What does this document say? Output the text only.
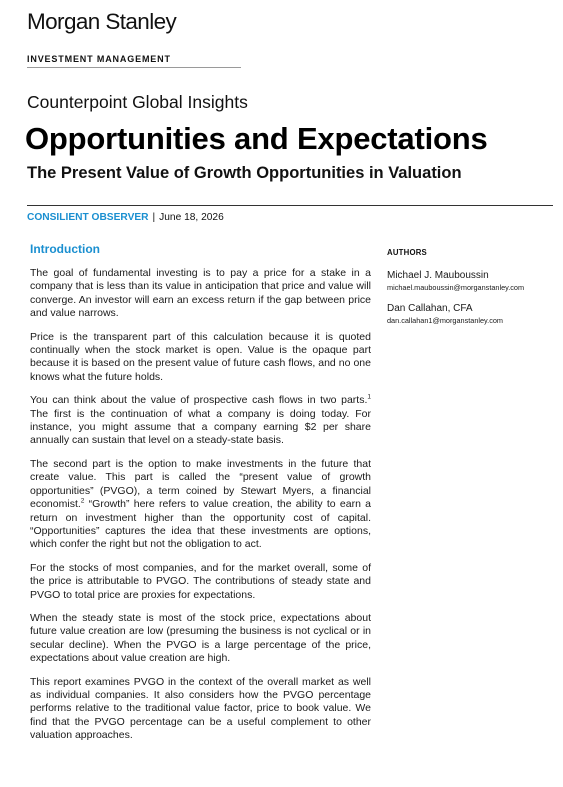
Morgan Stanley
INVESTMENT MANAGEMENT
Counterpoint Global Insights
Opportunities and Expectations
The Present Value of Growth Opportunities in Valuation
CONSILIENT OBSERVER | June 18, 2026
Introduction

The goal of fundamental investing is to pay a price for a stake in a company that is less than its value in anticipation that price and value will converge. An investor will earn an excess return if the gap between price and value narrows.

Price is the transparent part of this calculation because it is quoted continually when the stock market is open. Value is the opaque part because it is based on the present value of future cash flows, and no one knows what the future holds.

You can think about the value of prospective cash flows in two parts.$^1$ The first is the continuation of what a company is doing today. For instance, you might assume that a company earning $2 per share annually can sustain that level on a steady-state basis.

The second part is the option to make investments in the future that create value. This part is called the “present value of growth opportunities” (PVGO), a term coined by Stewart Myers, a financial economist.$^2$ “Growth” here refers to value creation, the ability to earn a return on investment higher than the opportunity cost of capital. “Opportunities” captures the idea that these investments are options, which confer the right but not the obligation to act.

For the stocks of most companies, and for the market overall, some of the price is attributable to PVGO. The contributions of steady state and PVGO to total price are proxies for expectations.

When the steady state is most of the stock price, expectations about future value creation are low (presuming the business is not cyclical or in secular decline). When the PVGO is a large percentage of the price, expectations about value creation are high.

This report examines PVGO in the context of the overall market as well as individual companies. It also considers how the PVGO percentage performs relative to the traditional value factor, price to book value. We find that the PVGO percentage can be a useful complement to other valuation approaches.

AUTHORS
Michael J. Mauboussin
michael.mauboussin@morganstanley.com
Dan Callahan, CFA
dan.callahan1@morganstanley.com
